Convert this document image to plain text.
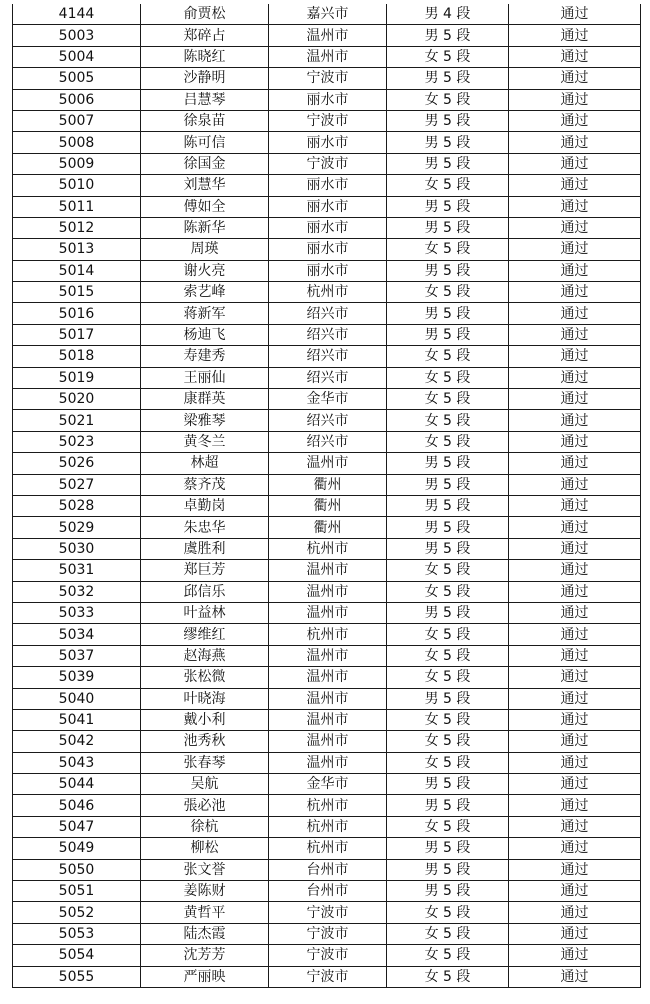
4144	俞贾松	嘉兴市	男 4 段	通过
5003	郑碎占	温州市	男 5 段	通过
5004	陈晓红	温州市	女 5 段	通过
5005	沙静明	宁波市	男 5 段	通过
5006	吕慧琴	丽水市	女 5 段	通过
5007	徐泉苗	宁波市	男 5 段	通过
5008	陈可信	丽水市	男 5 段	通过
5009	徐国金	宁波市	男 5 段	通过
5010	刘慧华	丽水市	女 5 段	通过
5011	傅如全	丽水市	男 5 段	通过
5012	陈新华	丽水市	男 5 段	通过
5013	周瑛	丽水市	女 5 段	通过
5014	谢火亮	丽水市	男 5 段	通过
5015	索艺峰	杭州市	女 5 段	通过
5016	蒋新军	绍兴市	男 5 段	通过
5017	杨迪飞	绍兴市	男 5 段	通过
5018	寿建秀	绍兴市	女 5 段	通过
5019	王丽仙	绍兴市	女 5 段	通过
5020	康群英	金华市	女 5 段	通过
5021	梁雅琴	绍兴市	女 5 段	通过
5023	黄冬兰	绍兴市	女 5 段	通过
5026	林超	温州市	男 5 段	通过
5027	蔡齐茂	衢州	男 5 段	通过
5028	卓勤岗	衢州	男 5 段	通过
5029	朱忠华	衢州	男 5 段	通过
5030	虞胜利	杭州市	男 5 段	通过
5031	郑巨芳	温州市	女 5 段	通过
5032	邱信乐	温州市	女 5 段	通过
5033	叶益林	温州市	男 5 段	通过
5034	缪维红	杭州市	女 5 段	通过
5037	赵海燕	温州市	女 5 段	通过
5039	张松微	温州市	女 5 段	通过
5040	叶晓海	温州市	男 5 段	通过
5041	戴小利	温州市	女 5 段	通过
5042	池秀秋	温州市	女 5 段	通过
5043	张春琴	温州市	女 5 段	通过
5044	吴航	金华市	男 5 段	通过
5046	張必池	杭州市	男 5 段	通过
5047	徐杭	杭州市	女 5 段	通过
5049	柳松	杭州市	男 5 段	通过
5050	张文誉	台州市	男 5 段	通过
5051	姜陈财	台州市	男 5 段	通过
5052	黄哲平	宁波市	女 5 段	通过
5053	陆杰霞	宁波市	女 5 段	通过
5054	沈芳芳	宁波市	女 5 段	通过
5055	严丽映	宁波市	女 5 段	通过
